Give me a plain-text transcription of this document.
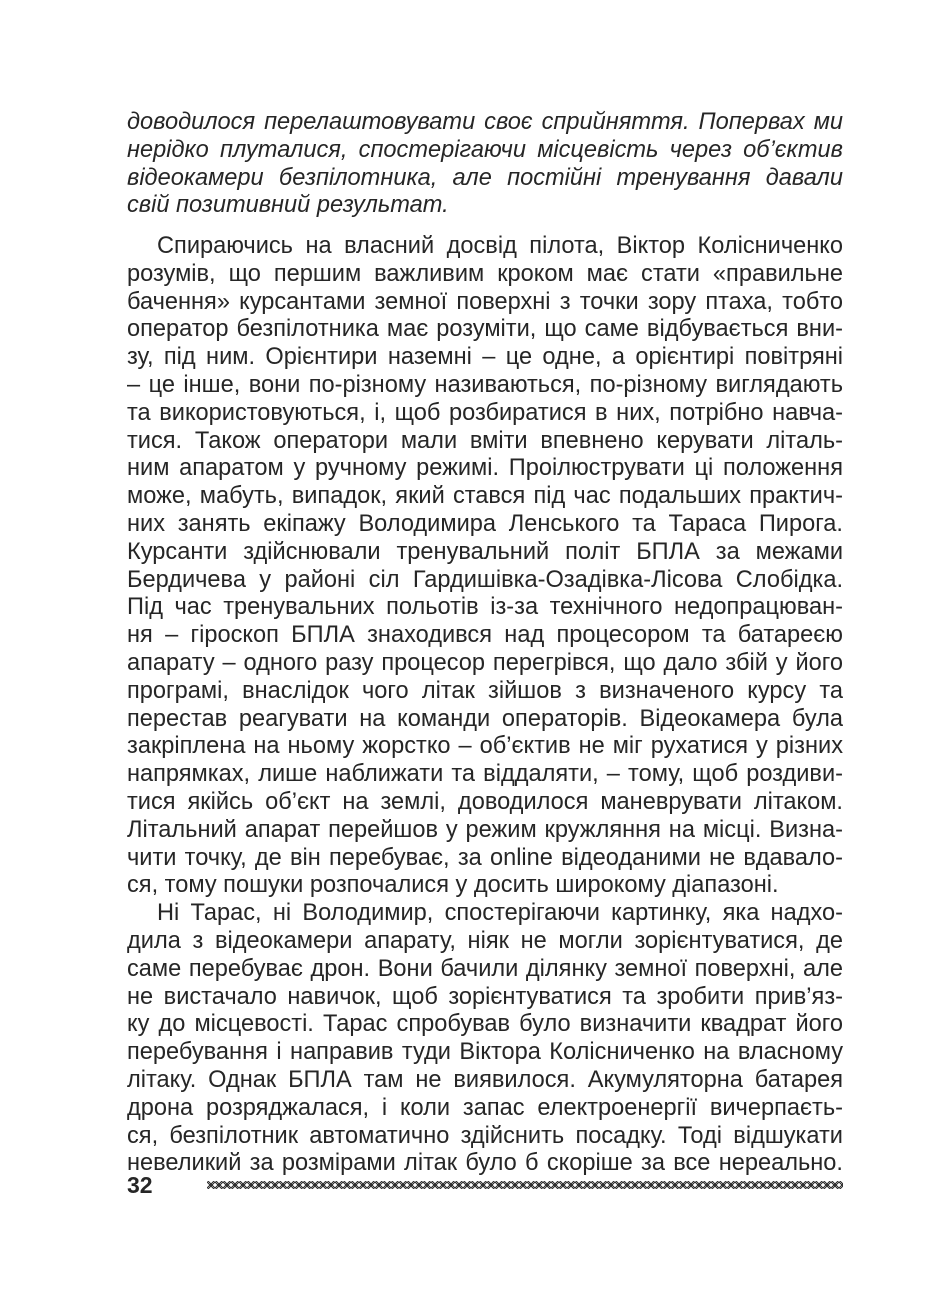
доводилося перелаштовувати своє сприйняття. Поперваx ми
нерідко плуталися, спостерігаючи місцевість через об’єктив
відеокамери безпілотника, але постійні тренування давали
свій позитивний результат.
Спираючись на власний досвід пілота, Віктор Колісниченко
розумів, що першим важливим кроком має стати «правильне
бачення» курсантами земної поверхні з точки зору птаха, тобто
оператор безпілотника має розуміти, що саме відбувається вни-
зу, під ним. Орієнтири наземні – це одне, а орієнтирі повітряні
– це інше, вони по-різному називаються, по-різному виглядають
та використовуються, і, щоб розбиратися в них, потрібно навча-
тися. Також оператори мали вміти впевнено керувати літаль-
ним апаратом у ручному режимі. Проілюструвати ці положення
може, мабуть, випадок, який стався під час подальших практич-
них занять екіпажу Володимира Ленського та Тараса Пирога.
Курсанти здійснювали тренувальний політ БПЛА за межами
Бердичева у районі сіл Гардишівка-Озадівка-Лісова Слобідка.
Під час тренувальних польотів із-за технічного недопрацюван-
ня – гіроскоп БПЛА знаходився над процесором та батареєю
апарату – одного разу процесор перегрівся, що дало збій у його
програмі, внаслідок чого літак зійшов з визначеного курсу та
перестав реагувати на команди операторів. Відеокамера була
закріплена на ньому жорстко – об’єктив не міг рухатися у різних
напрямках, лише наближати та віддаляти, – тому, щоб роздиви-
тися якійсь об’єкт на землі, доводилося маневрувати літаком.
Літальний апарат перейшов у режим кружляння на місці. Визна-
чити точку, де він перебуває, за online відеоданими не вдавало-
ся, тому пошуки розпочалися у досить широкому діапазоні.
Ні Тарас, ні Володимир, спостерігаючи картинку, яка надхо-
дила з відеокамери апарату, ніяк не могли зорієнтуватися, де
саме перебуває дрон. Вони бачили ділянку земної поверхні, але
не вистачало навичок, щоб зорієнтуватися та зробити прив’яз-
ку до місцевості. Тарас спробував було визначити квадрат його
перебування і направив туди Віктора Колісниченко на власному
літаку. Однак БПЛА там не виявилося. Акумуляторна батарея
дрона розряджалася, і коли запас електроенергії вичерпаєть-
ся, безпілотник автоматично здійснить посадку. Тоді відшукати
невеликий за розмірами літак було б скоріше за все нереально.
32
